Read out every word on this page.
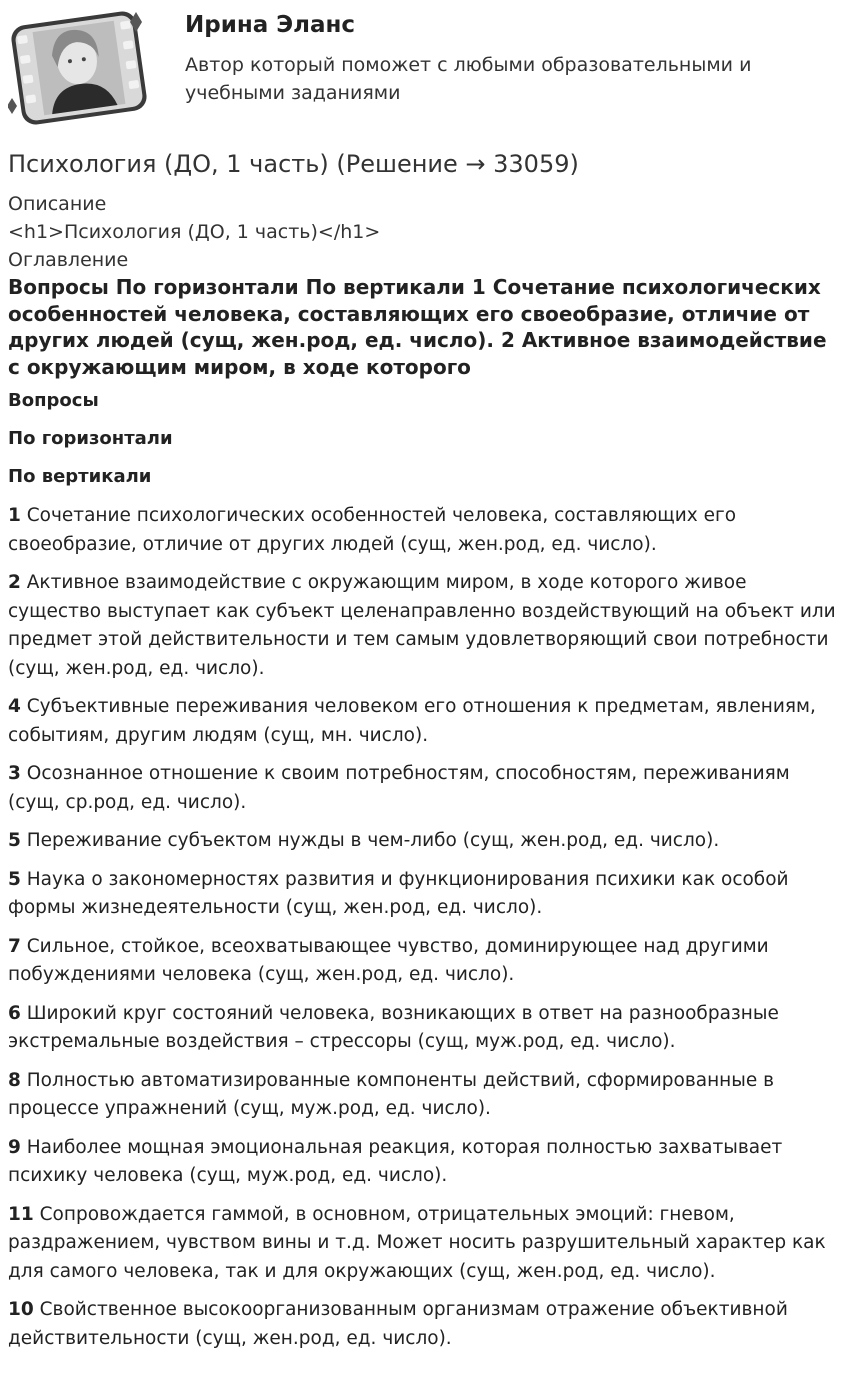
Ирина Эланс

Автор который поможет с любыми образовательными и учебными заданиями

Психология (ДО, 1 часть) (Решение → 33059)

Описание

<h1>Психология (ДО, 1 часть)</h1>

Оглавление

Вопросы По горизонтали По вертикали 1 Сочетание психологических особенностей человека, составляющих его своеобразие, отличие от других людей (сущ, жен.род, ед. число). 2 Активное взаимодействие с окружающим миром, в ходе которого

Вопросы

По горизонтали

По вертикали

1 Сочетание психологических особенностей человека, составляющих его своеобразие, отличие от других людей (сущ, жен.род, ед. число).

2 Активное взаимодействие с окружающим миром, в ходе которого живое существо выступает как субъект целенаправленно воздействующий на объект или предмет этой действительности и тем самым удовлетворяющий свои потребности (сущ, жен.род, ед. число).

4 Субъективные переживания человеком его отношения к предметам, явлениям, событиям, другим людям (сущ, мн. число).

3 Осознанное отношение к своим потребностям, способностям, переживаниям (сущ, ср.род, ед. число).

5 Переживание субъектом нужды в чем-либо (сущ, жен.род, ед. число).

5 Наука о закономерностях развития и функционирования психики как особой формы жизнедеятельности (сущ, жен.род, ед. число).

7 Сильное, стойкое, всеохватывающее чувство, доминирующее над другими побуждениями человека (сущ, жен.род, ед. число).

6 Широкий круг состояний человека, возникающих в ответ на разнообразные экстремальные воздействия – стрессоры (сущ, муж.род, ед. число).

8 Полностью автоматизированные компоненты действий, сформированные в процессе упражнений (сущ, муж.род, ед. число).

9 Наиболее мощная эмоциональная реакция, которая полностью захватывает психику человека (сущ, муж.род, ед. число).

11 Сопровождается гаммой, в основном, отрицательных эмоций: гневом, раздражением, чувством вины и т.д. Может носить разрушительный характер как для самого человека, так и для окружающих (сущ, жен.род, ед. число).

10 Свойственное высокоорганизованным организмам отражение объективной действительности (сущ, жен.род, ед. число).
